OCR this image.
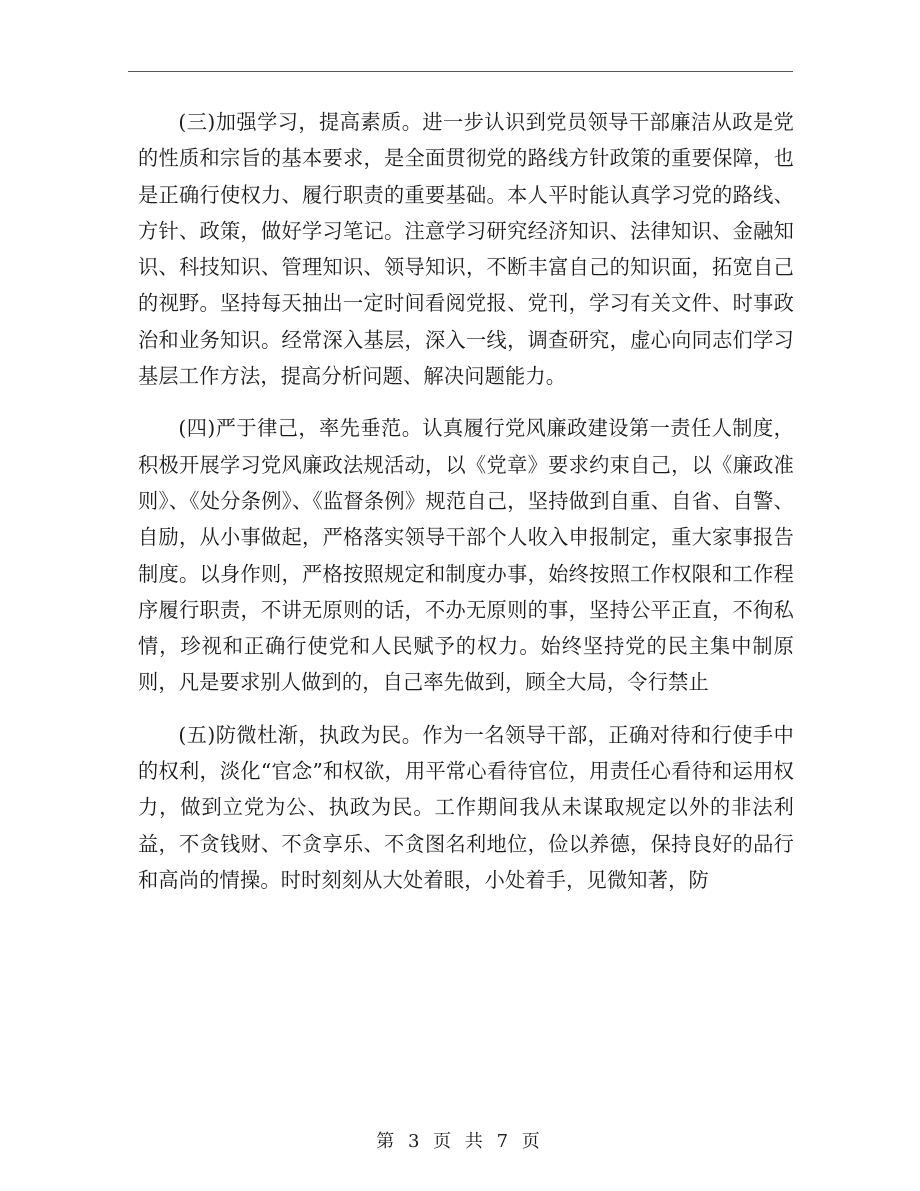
(三)加强学习，提高素质。进一步认识到党员领导干部廉洁从政是党的性质和宗旨的基本要求，是全面贯彻党的路线方针政策的重要保障，也是正确行使权力、履行职责的重要基础。本人平时能认真学习党的路线、方针、政策，做好学习笔记。注意学习研究经济知识、法律知识、金融知识、科技知识、管理知识、领导知识，不断丰富自己的知识面，拓宽自己的视野。坚持每天抽出一定时间看阅党报、党刊，学习有关文件、时事政治和业务知识。经常深入基层，深入一线，调查研究，虚心向同志们学习基层工作方法，提高分析问题、解决问题能力。

(四)严于律己，率先垂范。认真履行党风廉政建设第一责任人制度，积极开展学习党风廉政法规活动，以《党章》要求约束自己，以《廉政准则》、《处分条例》、《监督条例》规范自己，坚持做到自重、自省、自警、自励，从小事做起，严格落实领导干部个人收入申报制定，重大家事报告制度。以身作则，严格按照规定和制度办事，始终按照工作权限和工作程序履行职责，不讲无原则的话，不办无原则的事，坚持公平正直，不徇私情，珍视和正确行使党和人民赋予的权力。始终坚持党的民主集中制原则，凡是要求别人做到的，自己率先做到，顾全大局，令行禁止

(五)防微杜渐，执政为民。作为一名领导干部，正确对待和行使手中的权利，淡化“官念”和权欲，用平常心看待官位，用责任心看待和运用权力，做到立党为公、执政为民。工作期间我从未谋取规定以外的非法利益，不贪钱财、不贪享乐、不贪图名利地位，俭以养德，保持良好的品行和高尚的情操。时时刻刻从大处着眼，小处着手，见微知著，防

第 3 页 共 7 页
